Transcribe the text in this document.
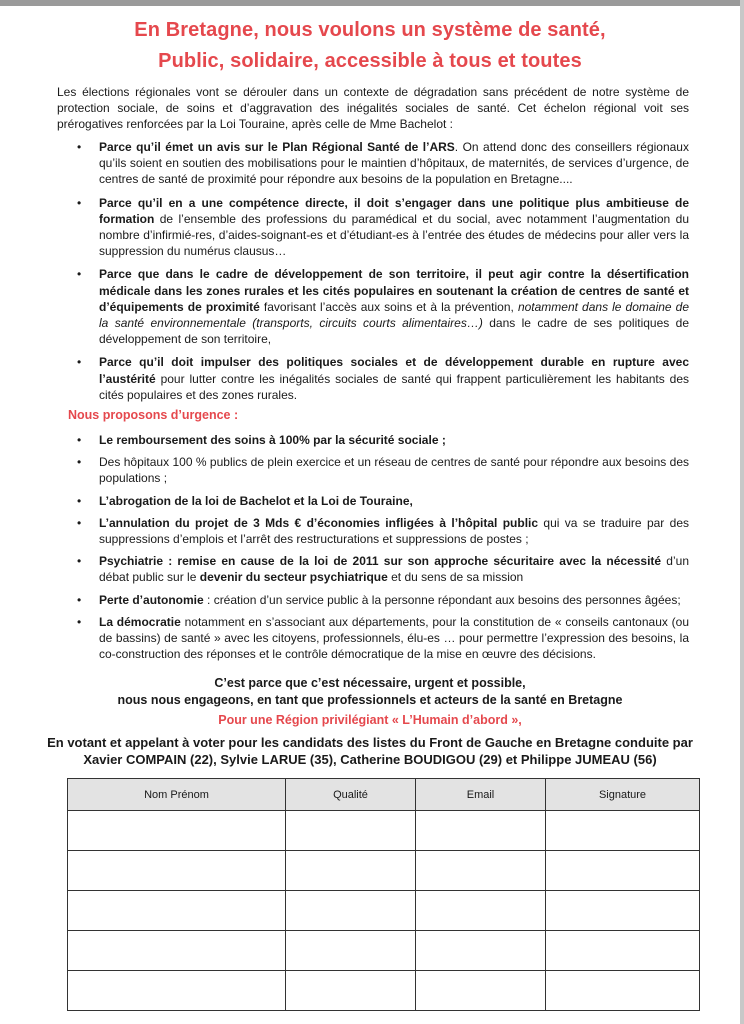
En Bretagne, nous voulons un système de santé,
Public, solidaire, accessible à tous et toutes
Les élections régionales vont se dérouler dans un contexte de dégradation sans précédent de notre système de protection sociale, de soins et d’aggravation des inégalités sociales de santé. Cet échelon régional voit ses prérogatives renforcées par la Loi Touraine, après celle de Mme Bachelot :
• Parce qu’il émet un avis sur le Plan Régional Santé de l’ARS. On attend donc des conseillers régionaux qu’ils soient en soutien des mobilisations pour le maintien d’hôpitaux, de maternités, de services d’urgence, de centres de santé de proximité pour répondre aux besoins de la population en Bretagne....
• Parce qu’il en a une compétence directe, il doit s’engager dans une politique plus ambitieuse de formation de l’ensemble des professions du paramédical et du social, avec notamment l’augmentation du nombre d’infirmié-res, d’aides-soignant-es et d’étudiant-es à l’entrée des études de médecins pour aller vers la suppression du numérus clausus…
• Parce que dans le cadre de développement de son territoire, il peut agir contre la désertification médicale dans les zones rurales et les cités populaires en soutenant la création de centres de santé et d’équipements de proximité favorisant l’accès aux soins et à la prévention, notamment dans le domaine de la santé environnementale (transports, circuits courts alimentaires…) dans le cadre de ses politiques de développement de son territoire,
• Parce qu’il doit impulser des politiques sociales et de développement durable en rupture avec l’austérité pour lutter contre les inégalités sociales de santé qui frappent particulièrement les habitants des cités populaires et des zones rurales.
Nous proposons d’urgence :
• Le remboursement des soins à 100% par la sécurité sociale ;
• Des hôpitaux 100 % publics de plein exercice et un réseau de centres de santé pour répondre aux besoins des populations ;
• L’abrogation de la loi de Bachelot et la Loi de Touraine,
• L’annulation du projet de 3 Mds € d’économies infligées à l’hôpital public qui va se traduire par des suppressions d’emplois et l’arrêt des restructurations et suppressions de postes ;
• Psychiatrie : remise en cause de la loi de 2011 sur son approche sécuritaire avec la nécessité d’un débat public sur le devenir du secteur psychiatrique et du sens de sa mission
• Perte d’autonomie : création d’un service public à la personne répondant aux besoins des personnes âgées;
• La démocratie notamment en s’associant aux départements, pour la constitution de « conseils cantonaux (ou de bassins) de santé » avec les citoyens, professionnels, élu-es … pour permettre l’expression des besoins, la co-construction des réponses et le contrôle démocratique de la mise en œuvre des décisions.
C’est parce que c’est nécessaire, urgent et possible,
nous nous engageons, en tant que professionnels et acteurs de la santé en Bretagne
Pour une Région privilégiant « L’Humain d’abord »,
En votant et appelant à voter pour les candidats des listes du Front de Gauche en Bretagne conduite par
Xavier COMPAIN (22), Sylvie LARUE (35), Catherine BOUDIGOU (29) et Philippe JUMEAU (56)
Nom Prénom	Qualité	Email	Signature
